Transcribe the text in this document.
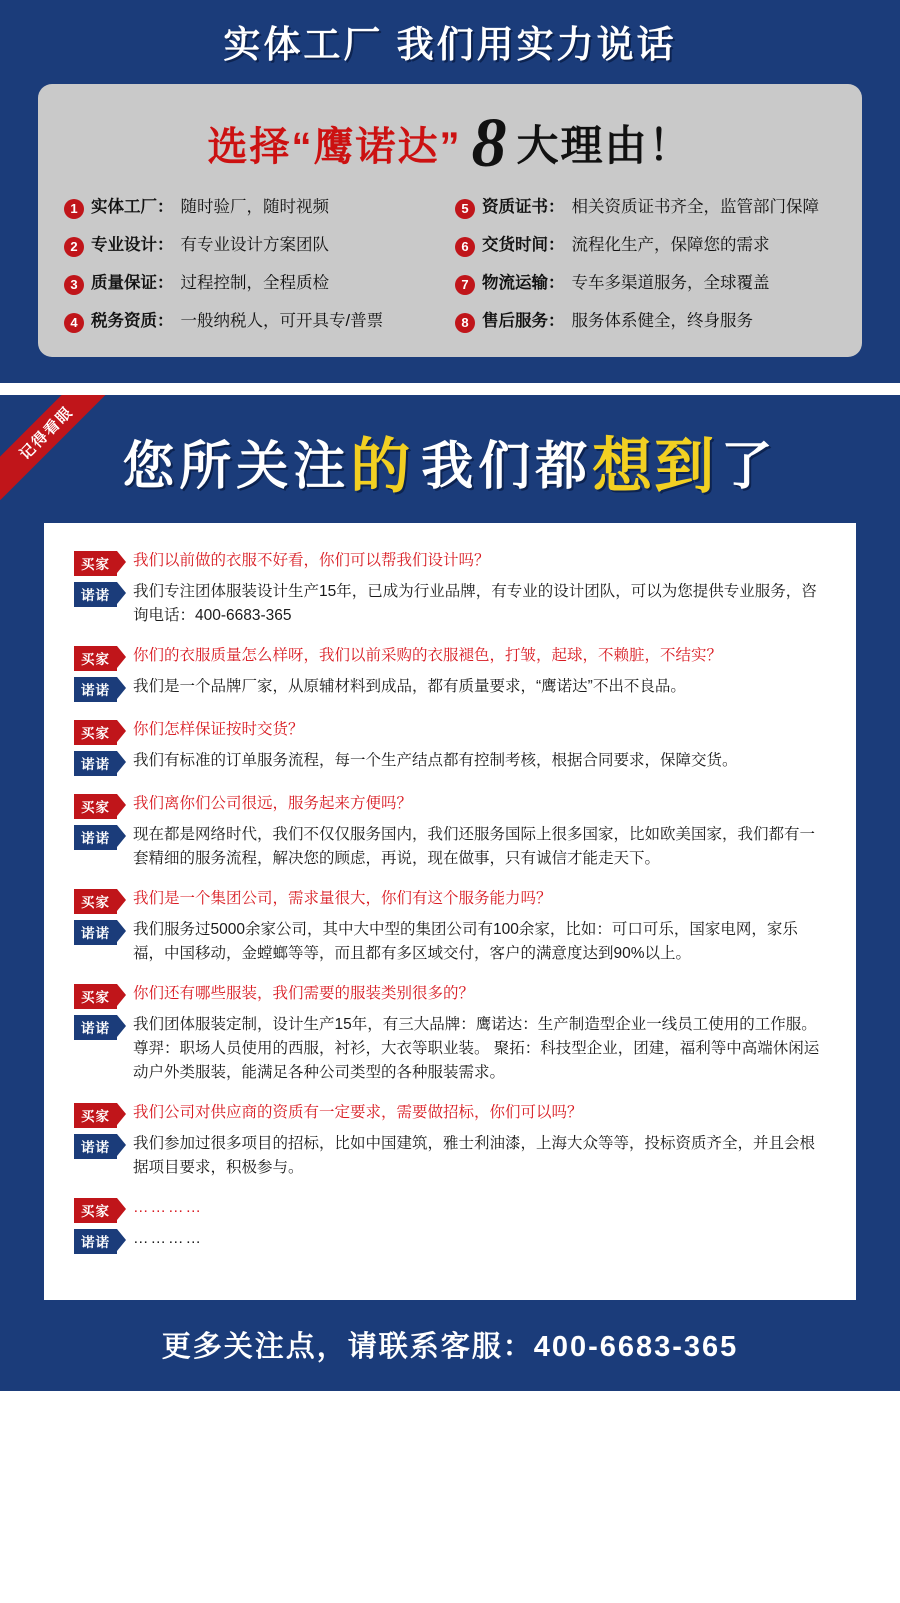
实体工厂 我们用实力说话
选择“鹰诺达” 8 大理由！
1 实体工厂： 随时验厂，随时视频	5 资质证书： 相关资质证书齐全，监管部门保障
2 专业设计： 有专业设计方案团队	6 交货时间： 流程化生产，保障您的需求
3 质量保证： 过程控制，全程质检	7 物流运输： 专车多渠道服务，全球覆盖
4 税务资质： 一般纳税人，可开具专/普票	8 售后服务： 服务体系健全，终身服务
记得看眼
您所关注的 我们都想到 了
买家	我们以前做的衣服不好看，你们可以帮我们设计吗？
诺诺	我们专注团体服装设计生产15年，已成为行业品牌，有专业的设计团队，可以为您提供专业服务，咨询电话：400-6683-365
买家	你们的衣服质量怎么样呀，我们以前采购的衣服褪色，打皱，起球，不赖脏，不结实？
诺诺	我们是一个品牌厂家，从原辅材料到成品，都有质量要求，“鹰诺达”不出不良品。
买家	你们怎样保证按时交货？
诺诺	我们有标准的订单服务流程，每一个生产结点都有控制考核，根据合同要求，保障交货。
买家	我们离你们公司很远，服务起来方便吗？
诺诺	现在都是网络时代，我们不仅仅服务国内，我们还服务国际上很多国家，比如欧美国家，我们都有一套精细的服务流程，解决您的顾虑，再说，现在做事，只有诚信才能走天下。
买家	我们是一个集团公司，需求量很大，你们有这个服务能力吗？
诺诺	我们服务过5000余家公司，其中大中型的集团公司有100余家，比如：可口可乐，国家电网，家乐福，中国移动，金螳螂等等，而且都有多区域交付，客户的满意度达到90%以上。
买家	你们还有哪些服装，我们需要的服装类别很多的？
诺诺	我们团体服装定制，设计生产15年，有三大品牌：鹰诺达：生产制造型企业一线员工使用的工作服。尊羿：职场人员使用的西服，衬衫，大衣等职业装。 聚拓：科技型企业，团建，福利等中高端休闲运动户外类服装，能满足各种公司类型的各种服装需求。
买家	我们公司对供应商的资质有一定要求，需要做招标，你们可以吗？
诺诺	我们参加过很多项目的招标，比如中国建筑，雅士利油漆，上海大众等等，投标资质齐全，并且会根据项目要求，积极参与。
买家	…………
诺诺	…………
更多关注点，请联系客服：400-6683-365
